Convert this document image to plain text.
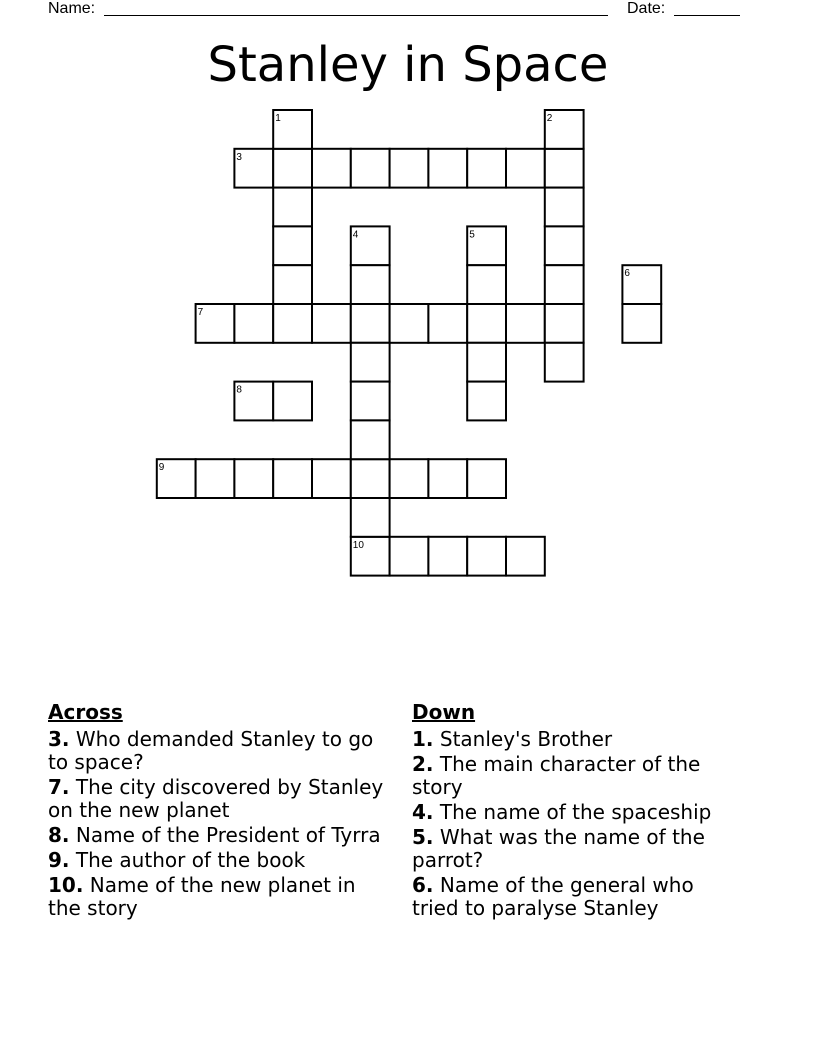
Name:	Date:
Stanley in Space
1	2
3
4	5
6
7
8
9
10
Across
3. Who demanded Stanley to go to space?
7. The city discovered by Stanley on the new planet
8. Name of the President of Tyrra
9. The author of the book
10. Name of the new planet in the story
Down
1. Stanley's Brother
2. The main character of the story
4. The name of the spaceship
5. What was the name of the parrot?
6. Name of the general who tried to paralyse Stanley
